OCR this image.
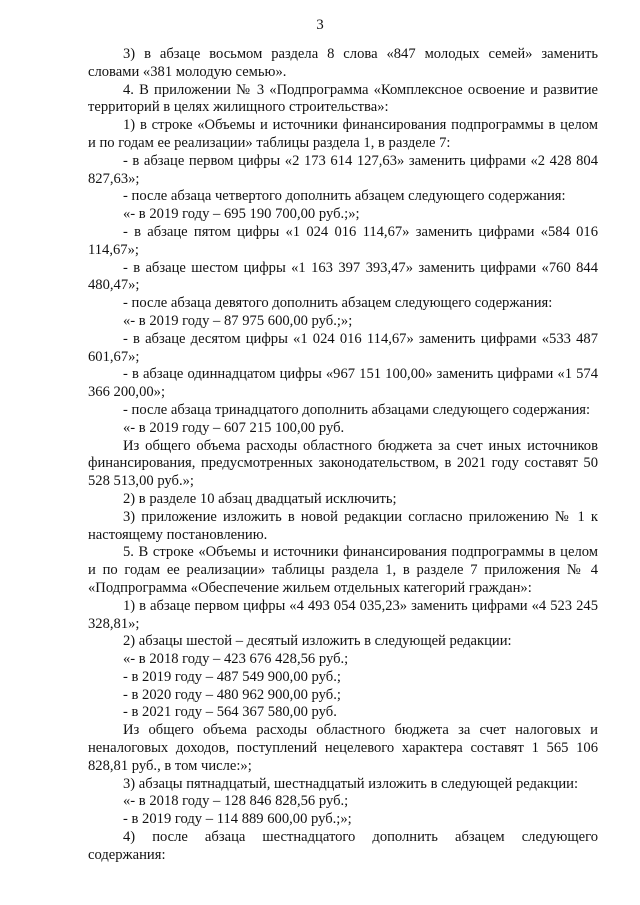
3

3) в абзаце восьмом раздела 8 слова «847 молодых семей» заменить словами «381 молодую семью».

4. В приложении № 3 «Подпрограмма «Комплексное освоение и развитие территорий в целях жилищного строительства»:

1) в строке «Объемы и источники финансирования подпрограммы в целом и по годам ее реализации» таблицы раздела 1, в разделе 7:

- в абзаце первом цифры «2 173 614 127,63» заменить цифрами «2 428 804 827,63»;

- после абзаца четвертого дополнить абзацем следующего содержания:

«- в 2019 году – 695 190 700,00 руб.;»;

- в абзаце пятом цифры «1 024 016 114,67» заменить цифрами «584 016 114,67»;

- в абзаце шестом цифры «1 163 397 393,47» заменить цифрами «760 844 480,47»;

- после абзаца девятого дополнить абзацем следующего содержания:

«- в 2019 году – 87 975 600,00 руб.;»;

- в абзаце десятом цифры «1 024 016 114,67» заменить цифрами «533 487 601,67»;

- в абзаце одиннадцатом цифры «967 151 100,00» заменить цифрами «1 574 366 200,00»;

- после абзаца тринадцатого дополнить абзацами следующего содержания:

«- в 2019 году – 607 215 100,00 руб.

Из общего объема расходы областного бюджета за счет иных источников финансирования, предусмотренных законодательством, в 2021 году составят 50 528 513,00 руб.»;

2) в разделе 10 абзац двадцатый исключить;

3) приложение изложить в новой редакции согласно приложению № 1 к настоящему постановлению.

5. В строке «Объемы и источники финансирования подпрограммы в целом и по годам ее реализации» таблицы раздела 1, в разделе 7 приложения № 4 «Подпрограмма «Обеспечение жильем отдельных категорий граждан»:

1) в абзаце первом цифры «4 493 054 035,23» заменить цифрами «4 523 245 328,81»;

2) абзацы шестой – десятый изложить в следующей редакции:

«- в 2018 году – 423 676 428,56 руб.;

- в 2019 году – 487 549 900,00 руб.;

- в 2020 году – 480 962 900,00 руб.;

- в 2021 году – 564 367 580,00 руб.

Из общего объема расходы областного бюджета за счет налоговых и неналоговых доходов, поступлений нецелевого характера составят 1 565 106 828,81 руб., в том числе:»;

3) абзацы пятнадцатый, шестнадцатый изложить в следующей редакции:

«- в 2018 году – 128 846 828,56 руб.;

- в 2019 году – 114 889 600,00 руб.;»;

4) после абзаца шестнадцатого дополнить абзацем следующего содержания:
